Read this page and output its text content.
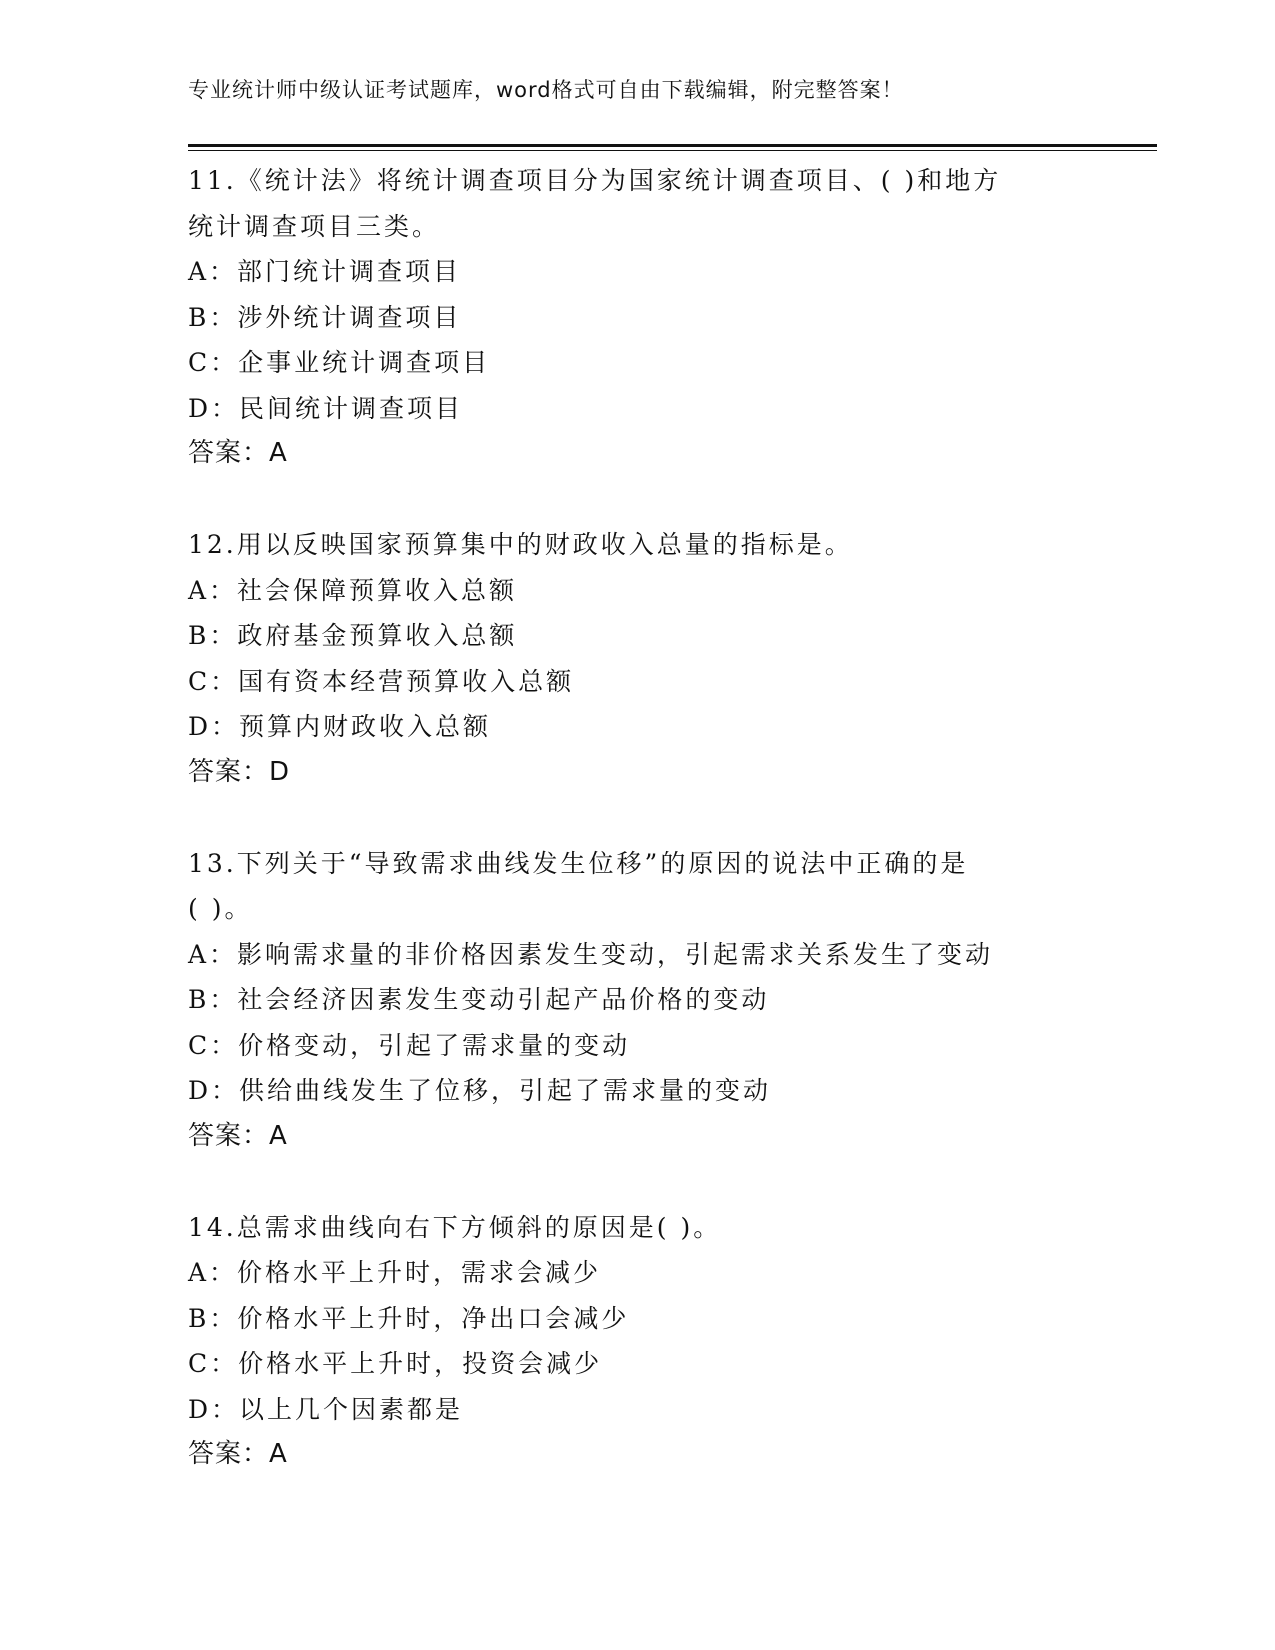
专业统计师中级认证考试题库，word格式可自由下载编辑，附完整答案！
11.《统计法》将统计调查项目分为国家统计调查项目、( )和地方
统计调查项目三类。
A：部门统计调查项目
B：涉外统计调查项目
C：企事业统计调查项目
D：民间统计调查项目
答案：A
12.用以反映国家预算集中的财政收入总量的指标是。
A：社会保障预算收入总额
B：政府基金预算收入总额
C：国有资本经营预算收入总额
D：预算内财政收入总额
答案：D
13.下列关于“导致需求曲线发生位移”的原因的说法中正确的是
( )。
A：影响需求量的非价格因素发生变动，引起需求关系发生了变动
B：社会经济因素发生变动引起产品价格的变动
C：价格变动，引起了需求量的变动
D：供给曲线发生了位移，引起了需求量的变动
答案：A
14.总需求曲线向右下方倾斜的原因是( )。
A：价格水平上升时，需求会减少
B：价格水平上升时，净出口会减少
C：价格水平上升时，投资会减少
D：以上几个因素都是
答案：A
